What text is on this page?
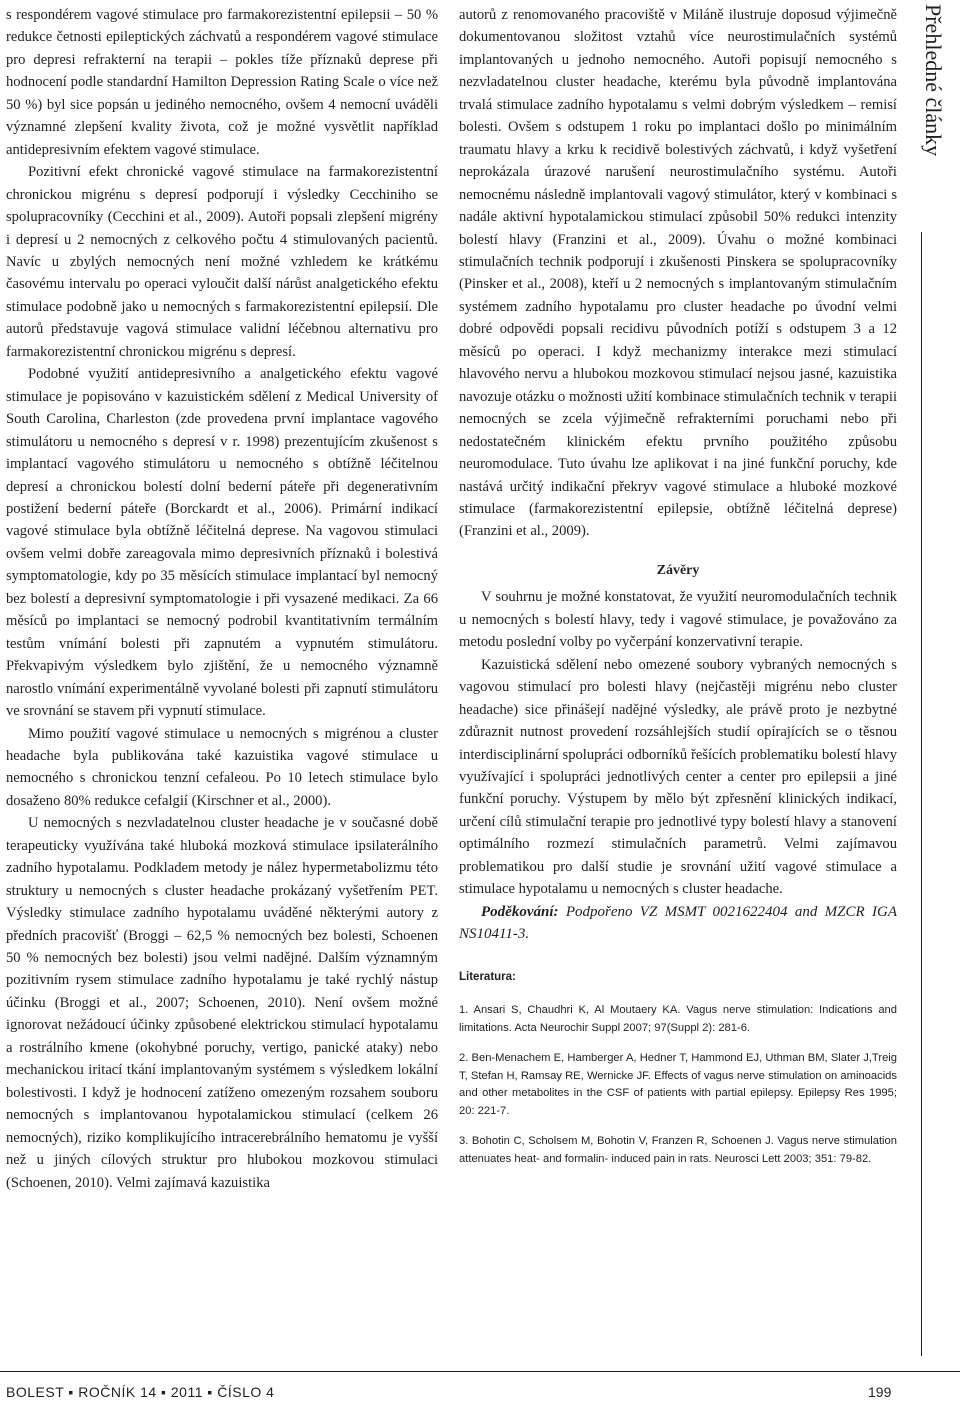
s respondérem vagové stimulace pro farmakorezistentní epilepsii – 50 % redukce četnosti epileptických záchvatů a respondérem vagové stimulace pro depresi refrakterní na terapii – pokles tíže příznaků deprese při hodnocení podle standardní Hamilton Depression Rating Scale o více než 50 %) byl sice popsán u jediného nemocného, ovšem 4 nemocní uváděli významné zlepšení kvality života, což je možné vysvětlit například antidepresivním efektem vagové stimulace.

Pozitivní efekt chronické vagové stimulace na farmakorezistentní chronickou migrénu s depresí podporují i výsledky Cecchiniho se spolupracovníky (Cecchini et al., 2009). Autoři popsali zlepšení migrény i depresí u 2 nemocných z celkového počtu 4 stimulovaných pacientů. Navíc u zbylých nemocných není možné vzhledem ke krátkému časovému intervalu po operaci vyloučit další nárůst analgetického efektu stimulace podobně jako u nemocných s farmakorezistentní epilepsií. Dle autorů představuje vagová stimulace validní léčebnou alternativu pro farmakorezistentní chronickou migrénu s depresí.

Podobné využití antidepresivního a analgetického efektu vagové stimulace je popisováno v kazuistickém sdělení z Medical University of South Carolina, Charleston (zde provedena první implantace vagového stimulátoru u nemocného s depresí v r. 1998) prezentujícím zkušenost s implantací vagového stimulátoru u nemocného s obtížně léčitelnou depresí a chronickou bolestí dolní bederní páteře při degenerativním postižení bederní páteře (Borckardt et al., 2006). Primární indikací vagové stimulace byla obtížně léčitelná deprese. Na vagovou stimulaci ovšem velmi dobře zareagovala mimo depresivních příznaků i bolestivá symptomatologie, kdy po 35 měsících stimulace implantací byl nemocný bez bolestí a depresivní symptomatologie i při vysazené medikaci. Za 66 měsíců po implantaci se nemocný podrobil kvantitativním termálním testům vnímání bolesti při zapnutém a vypnutém stimulátoru. Překvapivým výsledkem bylo zjištění, že u nemocného významně narostlo vnímání experimentálně vyvolané bolesti při zapnutí stimulátoru ve srovnání se stavem při vypnutí stimulace.

Mimo použití vagové stimulace u nemocných s migrénou a cluster headache byla publikována také kazuistika vagové stimulace u nemocného s chronickou tenzní cefaleou. Po 10 letech stimulace bylo dosaženo 80% redukce cefalgií (Kirschner et al., 2000).

U nemocných s nezvladatelnou cluster headache je v současné době terapeuticky využívána také hluboká mozková stimulace ipsilaterálního zadního hypotalamu. Podkladem metody je nález hypermetabolizmu této struktury u nemocných s cluster headache prokázaný vyšetřením PET. Výsledky stimulace zadního hypotalamu uváděné některými autory z předních pracovišť (Broggi – 62,5 % nemocných bez bolesti, Schoenen 50 % nemocných bez bolesti) jsou velmi nadějné. Dalším významným pozitivním rysem stimulace zadního hypotalamu je také rychlý nástup účinku (Broggi et al., 2007; Schoenen, 2010). Není ovšem možné ignorovat nežádoucí účinky způsobené elektrickou stimulací hypotalamu a rostrálního kmene (okohybné poruchy, vertigo, panické ataky) nebo mechanickou iritací tkání implantovaným systémem s výsledkem lokální bolestivosti. I když je hodnocení zatíženo omezeným rozsahem souboru nemocných s implantovanou hypotalamickou stimulací (celkem 26 nemocných), riziko komplikujícího intracerebrálního hematomu je vyšší než u jiných cílových struktur pro hlubokou mozkovou stimulaci (Schoenen, 2010). Velmi zajímavá kazuistika

autorů z renomovaného pracoviště v Miláně ilustruje doposud výjimečně dokumentovanou složitost vztahů více neurostimulačních systémů implantovaných u jednoho nemocného. Autoři popisují nemocného s nezvladatelnou cluster headache, kterému byla původně implantována trvalá stimulace zadního hypotalamu s velmi dobrým výsledkem – remisí bolesti. Ovšem s odstupem 1 roku po implantaci došlo po minimálním traumatu hlavy a krku k recidivě bolestivých záchvatů, i když vyšetření neprokázala úrazové narušení neurostimulačního systému. Autoři nemocnému následně implantovali vagový stimulátor, který v kombinaci s nadále aktivní hypotalamickou stimulací způsobil 50% redukci intenzity bolestí hlavy (Franzini et al., 2009). Úvahu o možné kombinaci stimulačních technik podporují i zkušenosti Pinskera se spolupracovníky (Pinsker et al., 2008), kteří u 2 nemocných s implantovaným stimulačním systémem zadního hypotalamu pro cluster headache po úvodní velmi dobré odpovědi popsali recidivu původních potíží s odstupem 3 a 12 měsíců po operaci. I když mechanizmy interakce mezi stimulací hlavového nervu a hlubokou mozkovou stimulací nejsou jasné, kazuistika navozuje otázku o možnosti užití kombinace stimulačních technik v terapii nemocných se zcela výjimečně refrakterními poruchami nebo při nedostatečném klinickém efektu prvního použitého způsobu neuromodulace. Tuto úvahu lze aplikovat i na jiné funkční poruchy, kde nastává určitý indikační překryv vagové stimulace a hluboké mozkové stimulace (farmakorezistentní epilepsie, obtížně léčitelná deprese) (Franzini et al., 2009).

Závěry

V souhrnu je možné konstatovat, že využití neuromodulačních technik u nemocných s bolestí hlavy, tedy i vagové stimulace, je považováno za metodu poslední volby po vyčerpání konzervativní terapie.

Kazuistická sdělení nebo omezené soubory vybraných nemocných s vagovou stimulací pro bolesti hlavy (nejčastěji migrénu nebo cluster headache) sice přinášejí nadějné výsledky, ale právě proto je nezbytné zdůraznit nutnost provedení rozsáhlejších studií opírajících se o těsnou interdisciplinární spolupráci odborníků řešících problematiku bolestí hlavy využívající i spolupráci jednotlivých center a center pro epilepsii a jiné funkční poruchy. Výstupem by mělo být zpřesnění klinických indikací, určení cílů stimulační terapie pro jednotlivé typy bolestí hlavy a stanovení optimálního rozmezí stimulačních parametrů. Velmi zajímavou problematikou pro další studie je srovnání užití vagové stimulace a stimulace hypotalamu u nemocných s cluster headache.

Poděkování: Podpořeno VZ MSMT 0021622404 and MZCR IGA NS10411-3.

Literatura:
1. Ansari S, Chaudhri K, Al Moutaery KA. Vagus nerve stimulation: Indications and limitations. Acta Neurochir Suppl 2007; 97(Suppl 2): 281-6.
2. Ben-Menachem E, Hamberger A, Hedner T, Hammond EJ, Uthman BM, Slater J,Treig T, Stefan H, Ramsay RE, Wernicke JF. Effects of vagus nerve stimulation on aminoacids and other metabolites in the CSF of patients with partial epilepsy. Epilepsy Res 1995; 20: 221-7.
3. Bohotin C, Scholsem M, Bohotin V, Franzen R, Schoenen J. Vagus nerve stimulation attenuates heat- and formalin- induced pain in rats. Neurosci Lett 2003; 351: 79-82.
Přehledné články
BOLEST ▪ ROČNÍK 14 ▪ 2011 ▪ ČÍSLO 4	199
